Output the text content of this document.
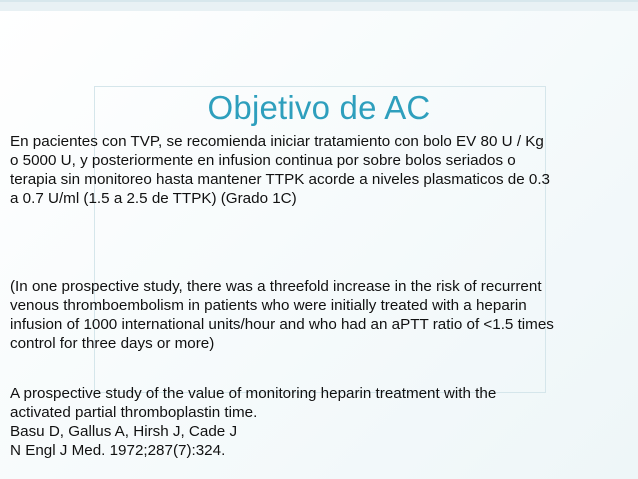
Objetivo de AC
En pacientes con TVP, se recomienda iniciar tratamiento con bolo EV 80 U / Kg
o 5000 U, y posteriormente en infusion continua por sobre bolos seriados o
terapia sin monitoreo hasta mantener TTPK acorde a niveles plasmaticos de 0.3
a 0.7 U/ml (1.5 a 2.5 de TTPK) (Grado 1C)
(In one prospective study, there was a threefold increase in the risk of recurrent
venous thromboembolism in patients who were initially treated with a heparin
infusion of 1000 international units/hour and who had an aPTT ratio of <1.5 times
control for three days or more)
A prospective study of the value of monitoring heparin treatment with the
activated partial thromboplastin time.
Basu D, Gallus A, Hirsh J, Cade J
N Engl J Med. 1972;287(7):324.
